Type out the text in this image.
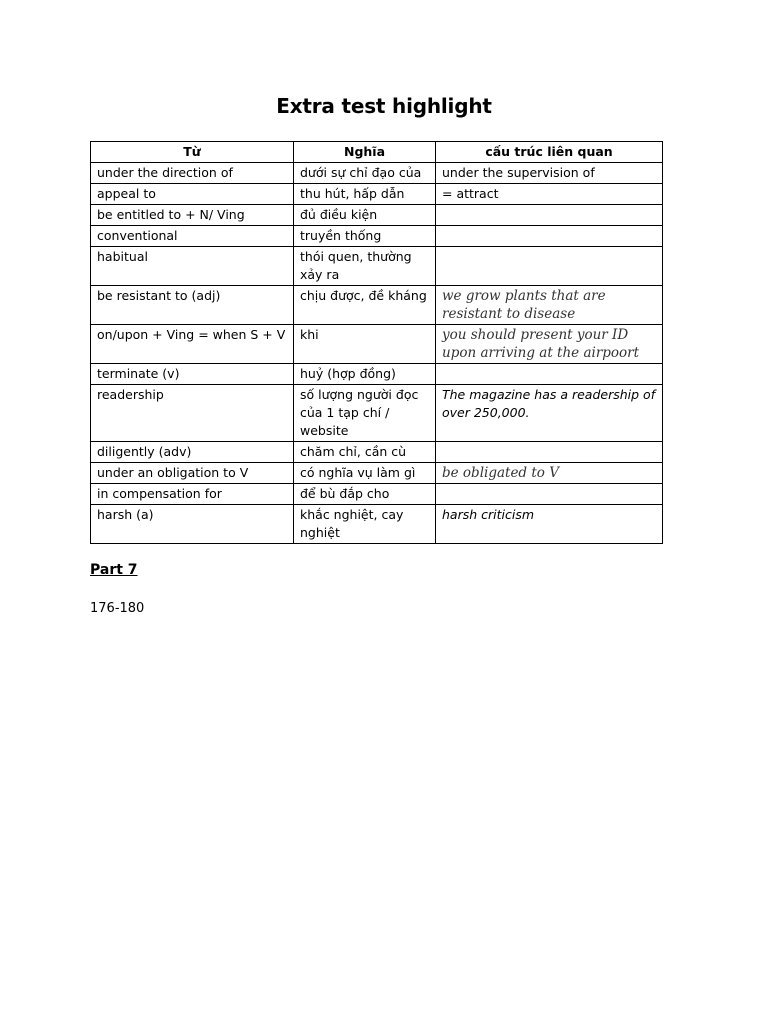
Extra test highlight
Từ	Nghĩa	cấu trúc liên quan
under the direction of	dưới sự chỉ đạo của	under the supervision of
appeal to	thu hút, hấp dẫn	= attract
be entitled to + N/ Ving	đủ điều kiện	
conventional	truyền thống	
habitual	thói quen, thường xảy ra	
be resistant to (adj)	chịu được, đề kháng	we grow plants that are
resistant to disease

on/upon + Ving = when S + V	khi	you should present your ID
upon arriving at the airpoort

terminate (v)	huỷ (hợp đồng)	
readership	số lượng người đọc của 1 tạp chí / website	The magazine has a readership of over 250,000.
diligently (adv)	chăm chỉ, cần cù	
under an obligation to V	có nghĩa vụ làm gì	be obligated to V
in compensation for	để bù đắp cho	
harsh (a)	khắc nghiệt, cay nghiệt	harsh criticism
Part 7
176-180
